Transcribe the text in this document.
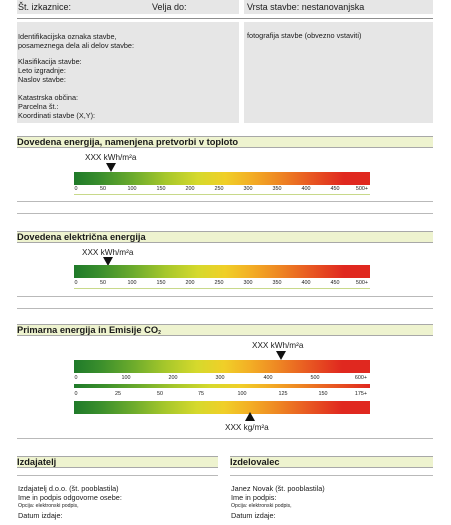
Št. izkaznice:	Velja do:	Vrsta stavbe: nestanovanjska
Identifikacijska oznaka stavbe,
posameznega dela ali delov stavbe:
Klasifikacija stavbe:
Leto izgradnje:
Naslov stavbe:
Katastrska občina:
Parcelna št.:
Koordinati stavbe (X,Y):
fotografija stavbe (obvezno vstaviti)
Dovedena energija, namenjena pretvorbi v toploto
XXX kWh/m²a
0	50	100	150	200	250	300	350	400	450	500+
Dovedena električna energija
XXX kWh/m²a
0	50	100	150	200	250	300	350	400	450	500+
Primarna energija in Emisije $CO_2$
XXX kWh/m²a
0	100	200	300	400	500	600+
0	25	50	75	100	125	150	175+
XXX kg/m²a
Izdajatelj	Izdelovalec
Izdajatelj d.o.o. (št. pooblastila)
Ime in podpis odgovorne osebe:
Opcija: elektronski podpis,
Datum izdaje:
Janez Novak (št. pooblastila)
Ime in podpis:
Opcija: elektronski podpis,
Datum izdaje:
